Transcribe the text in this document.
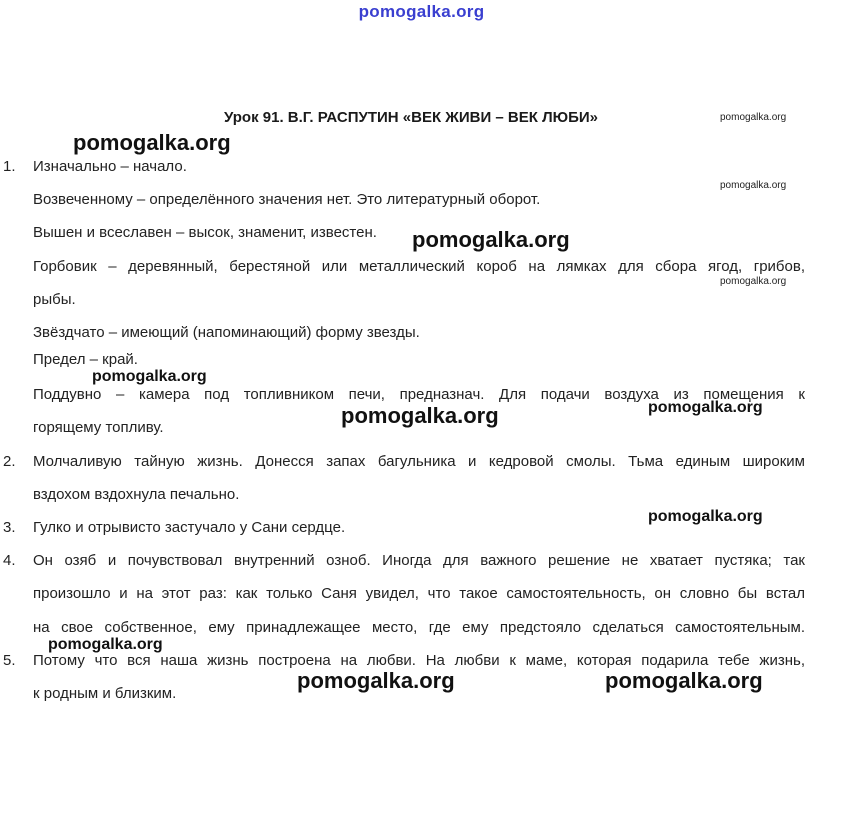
pomogalka.org
Урок 91. В.Г. РАСПУТИН «ВЕК ЖИВИ – ВЕК ЛЮБИ»
1. Изначально – начало.
Возвеченному – определённого значения нет. Это литературный оборот.
Вышен и всеславен – высок, знаменит, известен.
Горбовик – деревянный, берестяной или металлический короб на лямках для сбора ягод, грибов,
рыбы.
Звёздчато – имеющий (напоминающий) форму звезды.
Предел – край.
Поддувно – камера под топливником печи, предназнач. Для подачи воздуха из помещения к
горящему топливу.
2. Молчаливую тайную жизнь. Донесся запах багульника и кедровой смолы. Тьма единым широким
вздохом вздохнула печально.
3. Гулко и отрывисто застучало у Сани сердце.
4. Он озяб и почувствовал внутренний озноб. Иногда для важного решение не хватает пустяка; так
произошло и на этот раз: как только Саня увидел, что такое самостоятельность, он словно бы встал
на свое собственное, ему принадлежащее место, где ему предстояло сделаться самостоятельным.
5. Потому что вся наша жизнь построена на любви. На любви к маме, которая подарила тебе жизнь,
к родным и близким.
pomogalka.org
pomogalka.org
pomogalka.org
pomogalka.org	pomogalka.org
pomogalka.org
pomogalka.org
pomogalka.org
pomogalka.org
pomogalka.org
pomogalka.org
pomogalka.org
